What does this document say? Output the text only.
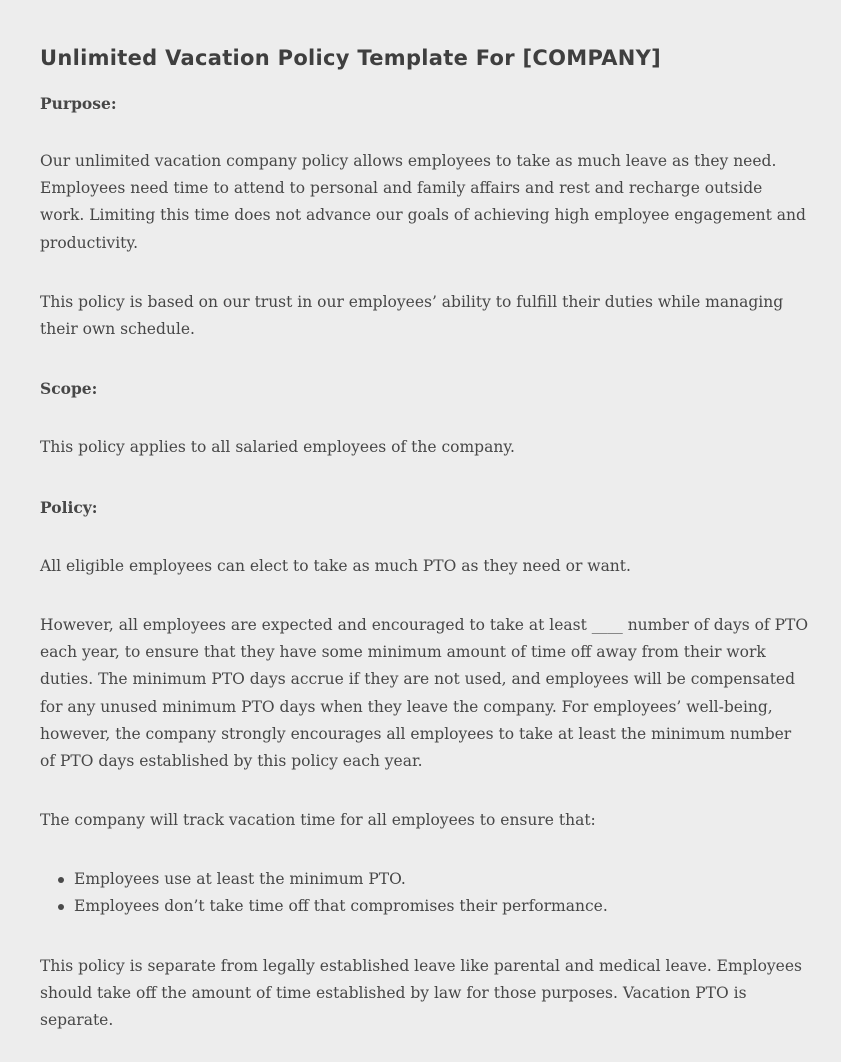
Unlimited Vacation Policy Template For [COMPANY]

Purpose:

Our unlimited vacation company policy allows employees to take as much leave as they need. Employees need time to attend to personal and family affairs and rest and recharge outside work. Limiting this time does not advance our goals of achieving high employee engagement and productivity.

This policy is based on our trust in our employees’ ability to fulfill their duties while managing their own schedule.

Scope:

This policy applies to all salaried employees of the company.

Policy:

All eligible employees can elect to take as much PTO as they need or want.

However, all employees are expected and encouraged to take at least ____ number of days of PTO each year, to ensure that they have some minimum amount of time off away from their work duties. The minimum PTO days accrue if they are not used, and employees will be compensated for any unused minimum PTO days when they leave the company. For employees’ well-being, however, the company strongly encourages all employees to take at least the minimum number of PTO days established by this policy each year.

The company will track vacation time for all employees to ensure that:

Employees use at least the minimum PTO.
Employees don’t take time off that compromises their performance.

This policy is separate from legally established leave like parental and medical leave. Employees should take off the amount of time established by law for those purposes. Vacation PTO is separate.
